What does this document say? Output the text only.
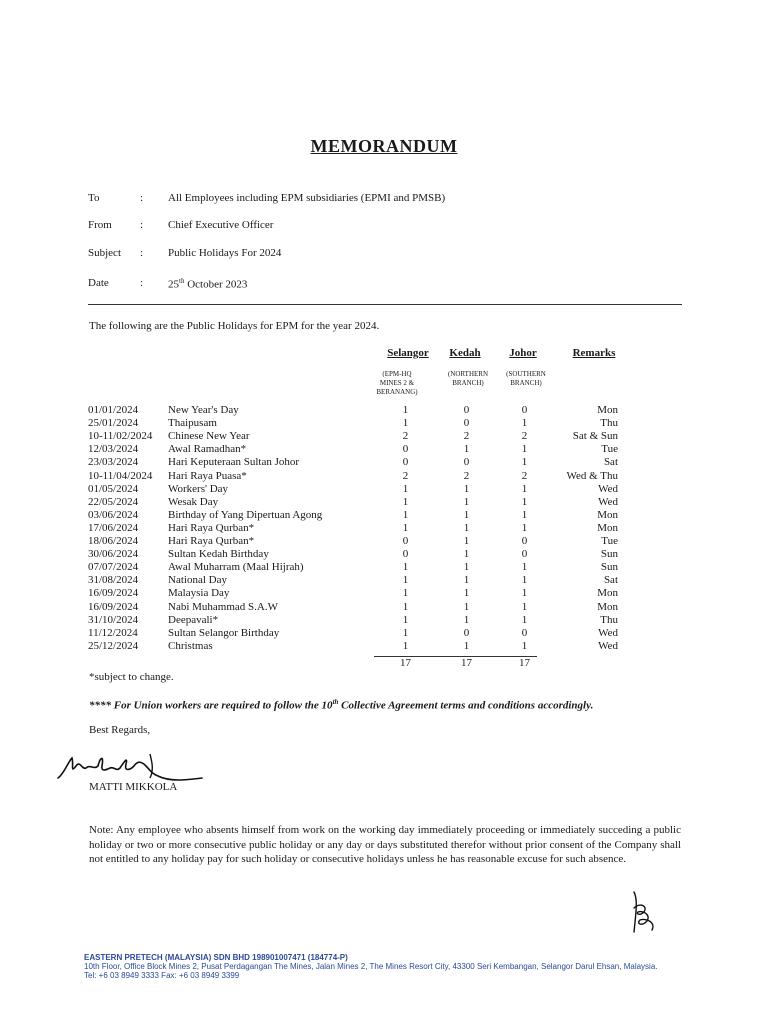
MEMORANDUM
To	: All Employees including EPM subsidiaries (EPMI and PMSB)
From	: Chief Executive Officer
Subject	: Public Holidays For 2024
Date	: 25th October 2023
The following are the Public Holidays for EPM for the year 2024.
Selangor	Kedah	Johor	Remarks
(EPM-HQ
MINES 2 &
BERANANG)
(NORTHERN
BRANCH)
(SOUTHERN
BRANCH)
01/01/2024	New Year's Day	1	0	0	Mon
25/01/2024	Thaipusam	1	0	1	Thu
10-11/02/2024 Chinese New Year	2	2	2	Sat & Sun
12/03/2024	Awal Ramadhan*	0	1	1	Tue
23/03/2024	Hari Keputeraan Sultan Johor	0	0	1	Sat
10-11/04/2024 Hari Raya Puasa*	2	2	2	Wed & Thu
01/05/2024	Workers' Day	1	1	1	Wed
22/05/2024	Wesak Day	1	1	1	Wed
03/06/2024	Birthday of Yang Dipertuan Agong	1	1	1	Mon
17/06/2024	Hari Raya Qurban*	1	1	1	Mon
18/06/2024	Hari Raya Qurban*	0	1	0	Tue
30/06/2024	Sultan Kedah Birthday	0	1	0	Sun
07/07/2024	Awal Muharram (Maal Hijrah)	1	1	1	Sun
31/08/2024	National Day	1	1	1	Sat
16/09/2024	Malaysia Day	1	1	1	Mon
16/09/2024	Nabi Muhammad S.A.W	1	1	1	Mon
31/10/2024	Deepavali*	1	1	1	Thu
11/12/2024	Sultan Selangor Birthday	1	0	0	Wed
25/12/2024	Christmas	1	1	1	Wed
17	17	17
*subject to change.
**** For Union workers are required to follow the 10th Collective Agreement terms and conditions accordingly.
Best Regards,
MATTI MIKKOLA
Note: Any employee who absents himself from work on the working day immediately proceeding or immediately succeding a public holiday or two or more consecutive public holiday or any day or days substituted therefor without prior consent of the Company shall not entitled to any holiday pay for such holiday or consecutive holidays unless he has reasonable excuse for such absence.
EASTERN PRETECH (MALAYSIA) SDN BHD 198901007471 (184774-P)
10th Floor, Office Block Mines 2, Pusat Perdagangan The Mines, Jalan Mines 2, The Mines Resort City, 43300 Seri Kembangan, Selangor Darul Ehsan, Malaysia.
Tel: +6 03 8949 3333 Fax: +6 03 8949 3399
